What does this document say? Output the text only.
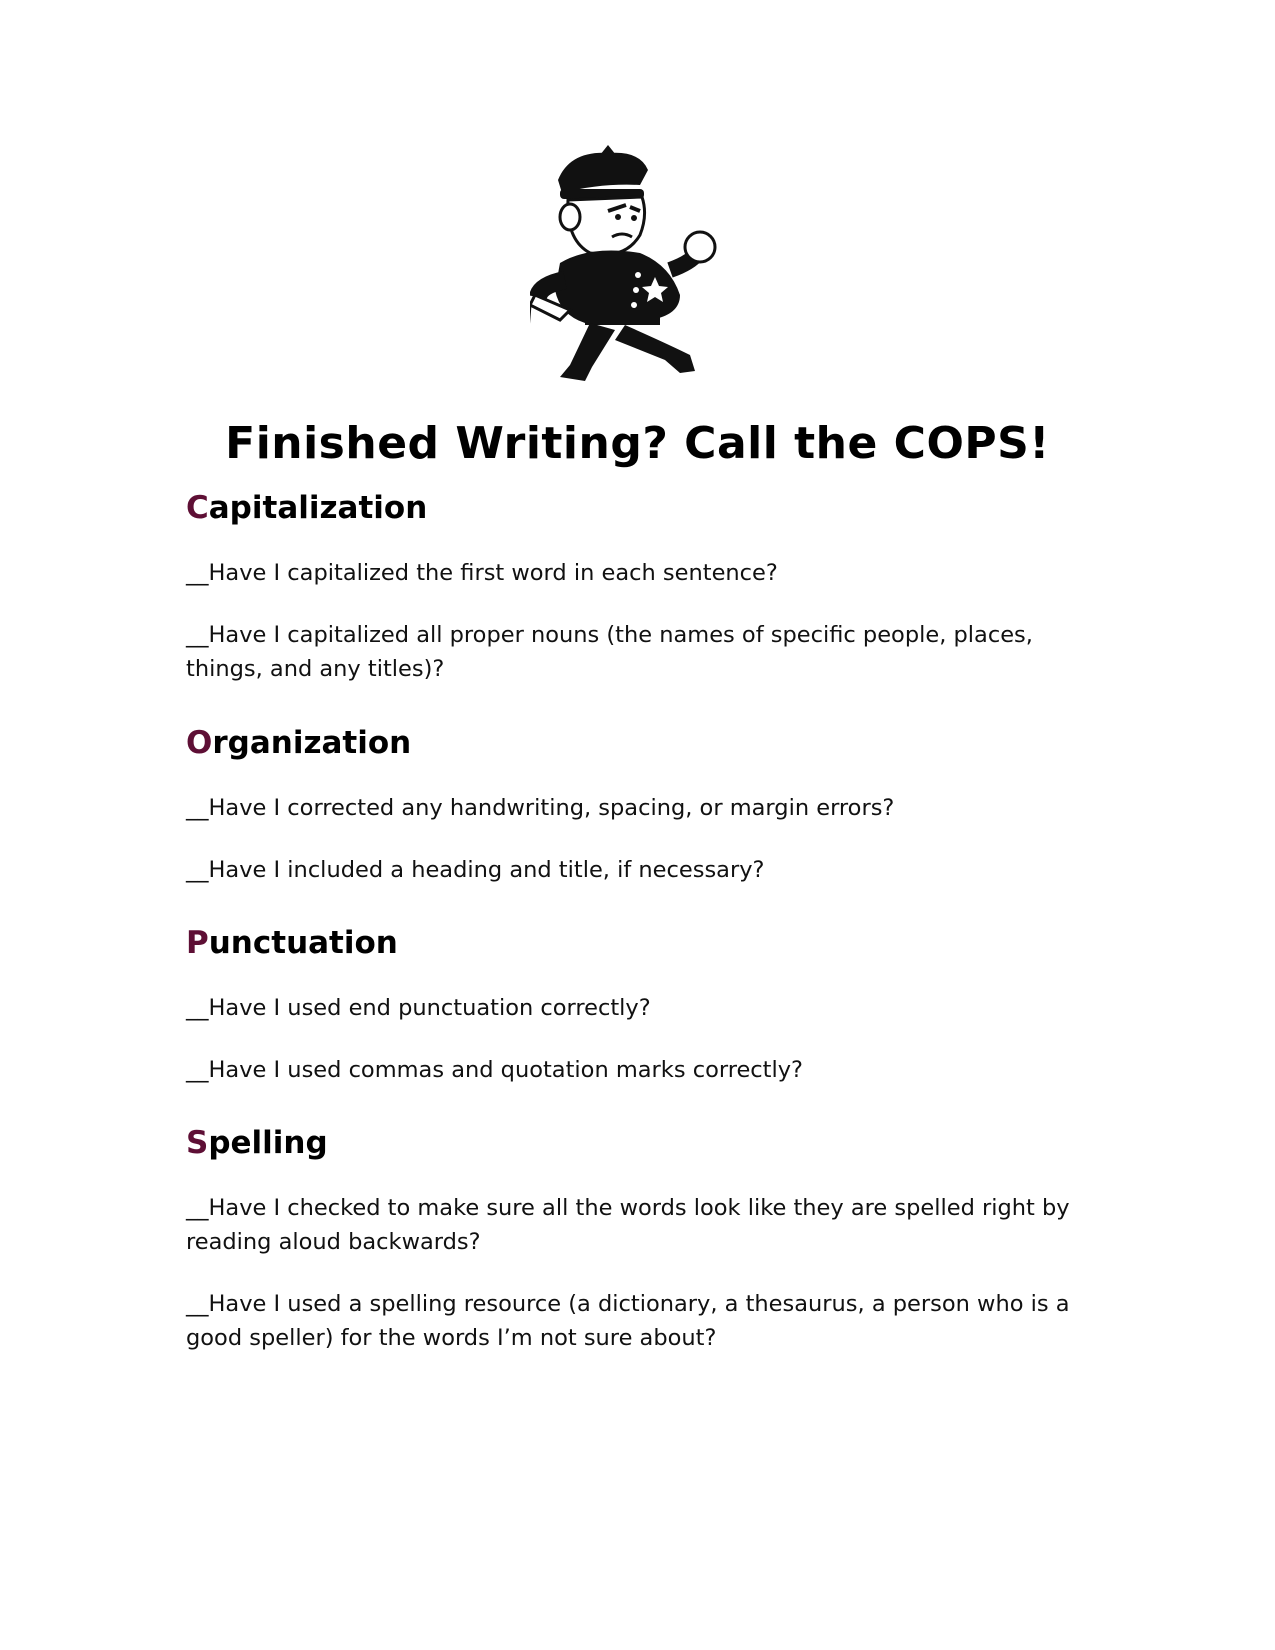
Finished Writing? Call the COPS!
Capitalization

__Have I capitalized the first word in each sentence?

__Have I capitalized all proper nouns (the names of specific people, places, things, and any titles)?

Organization

__Have I corrected any handwriting, spacing, or margin errors?

__Have I included a heading and title, if necessary?

Punctuation

__Have I used end punctuation correctly?

__Have I used commas and quotation marks correctly?

Spelling

__Have I checked to make sure all the words look like they are spelled right by reading aloud backwards?

__Have I used a spelling resource (a dictionary, a thesaurus, a person who is a good speller) for the words I’m not sure about?
